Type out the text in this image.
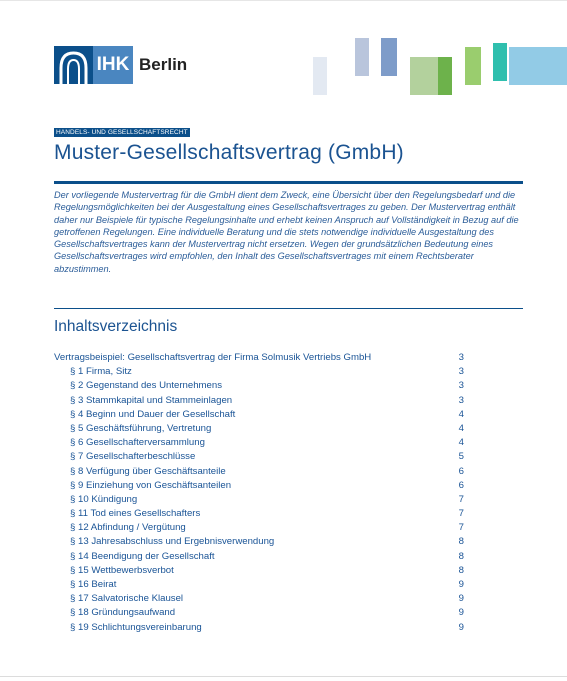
IHK Berlin
HANDELS- UND GESELLSCHAFTSRECHT
Muster-Gesellschaftsvertrag (GmbH)

Der vorliegende Mustervertrag für die GmbH dient dem Zweck, eine Übersicht über den Regelungsbedarf und die Regelungsmöglichkeiten bei der Ausgestaltung eines Gesellschaftsvertrages zu geben. Der Mustervertrag enthält daher nur Beispiele für typische Regelungsinhalte und erhebt keinen Anspruch auf Vollständigkeit in Bezug auf die getroffenen Regelungen. Eine individuelle Beratung und die stets notwendige individuelle Ausgestaltung des Gesellschaftsvertrages kann der Mustervertrag nicht ersetzen. Wegen der grundsätzlichen Bedeutung eines Gesellschaftsvertrages wird empfohlen, den Inhalt des Gesellschaftsvertrages mit einem Rechtsberater abzustimmen.

Inhaltsverzeichnis
Vertragsbeispiel: Gesellschaftsvertrag der Firma Solmusik Vertriebs GmbH	3
§ 1 Firma, Sitz	3
§ 2 Gegenstand des Unternehmens	3
§ 3 Stammkapital und Stammeinlagen	3
§ 4 Beginn und Dauer der Gesellschaft	4
§ 5 Geschäftsführung, Vertretung	4
§ 6 Gesellschafterversammlung	4
§ 7 Gesellschafterbeschlüsse	5
§ 8 Verfügung über Geschäftsanteile	6
§ 9 Einziehung von Geschäftsanteilen	6
§ 10 Kündigung	7
§ 11 Tod eines Gesellschafters	7
§ 12 Abfindung / Vergütung	7
§ 13 Jahresabschluss und Ergebnisverwendung	8
§ 14 Beendigung der Gesellschaft	8
§ 15 Wettbewerbsverbot	8
§ 16 Beirat	9
§ 17 Salvatorische Klausel	9
§ 18 Gründungsaufwand	9
§ 19 Schlichtungsvereinbarung	9
